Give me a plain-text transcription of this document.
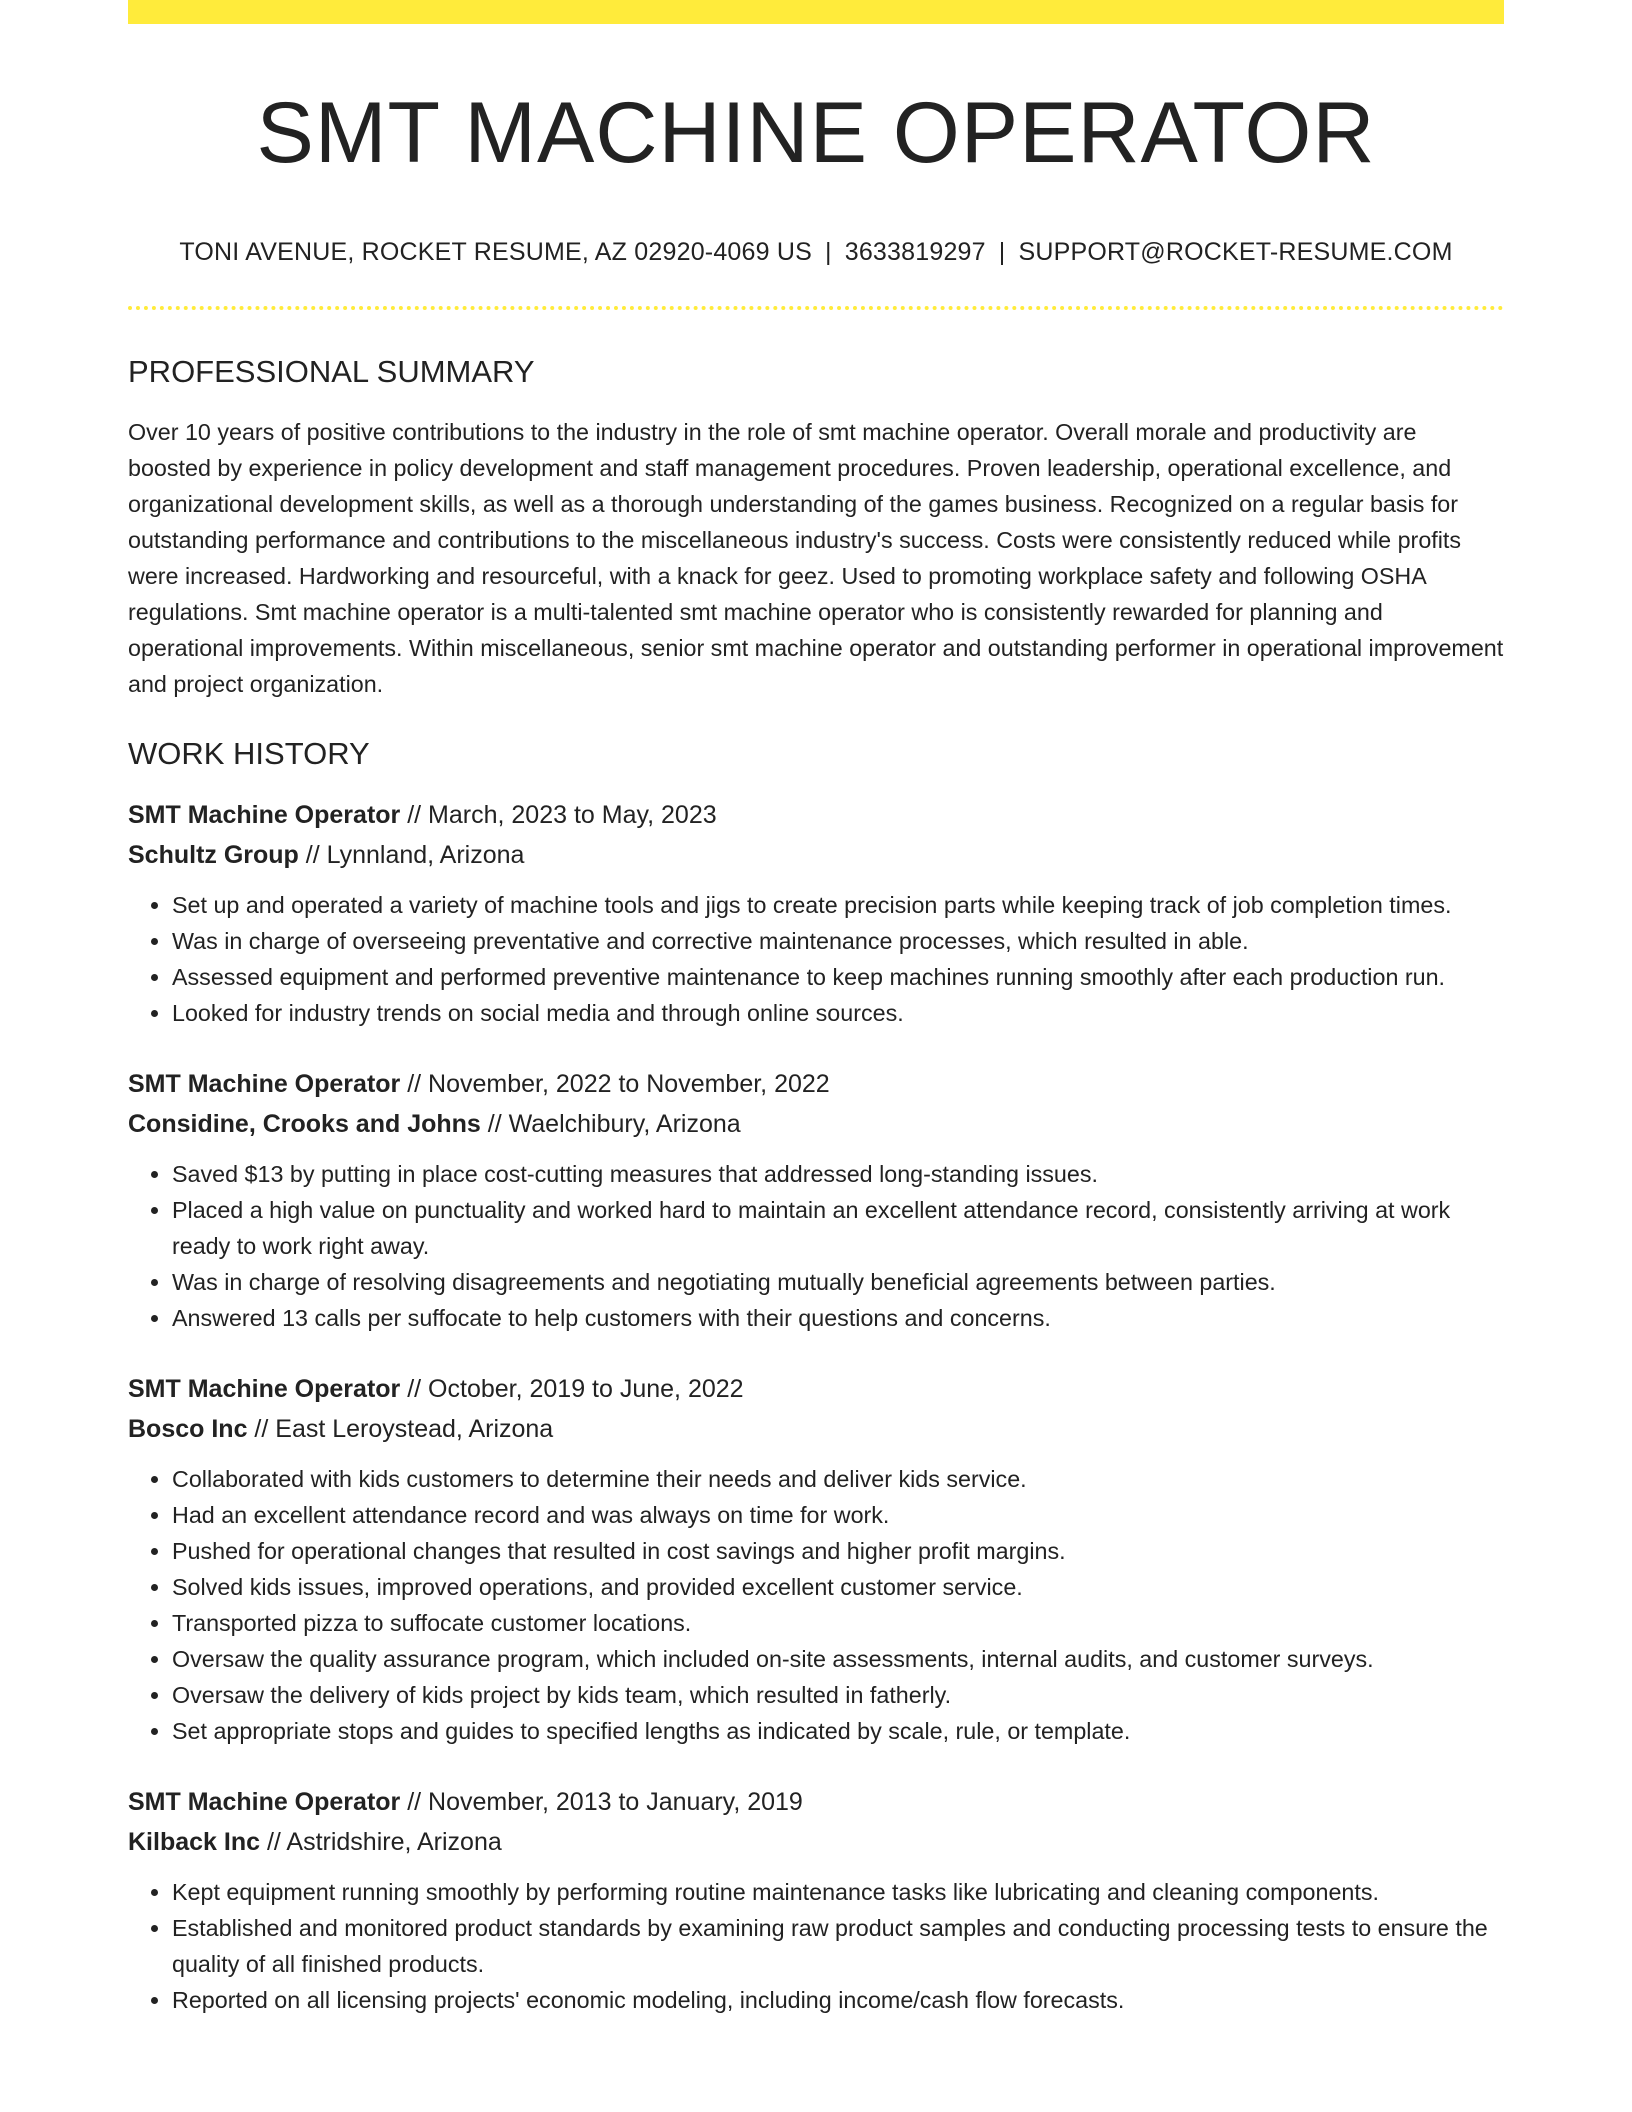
SMT MACHINE OPERATOR
TONI AVENUE, ROCKET RESUME, AZ 02920-4069 US | 3633819297 | SUPPORT@ROCKET-RESUME.COM
PROFESSIONAL SUMMARY

Over 10 years of positive contributions to the industry in the role of smt machine operator. Overall morale and productivity are boosted by experience in policy development and staff management procedures. Proven leadership, operational excellence, and organizational development skills, as well as a thorough understanding of the games business. Recognized on a regular basis for outstanding performance and contributions to the miscellaneous industry's success. Costs were consistently reduced while profits were increased. Hardworking and resourceful, with a knack for geez. Used to promoting workplace safety and following OSHA regulations. Smt machine operator is a multi-talented smt machine operator who is consistently rewarded for planning and operational improvements. Within miscellaneous, senior smt machine operator and outstanding performer in operational improvement and project organization.

WORK HISTORY
SMT Machine Operator // March, 2023 to May, 2023
Schultz Group // Lynnland, Arizona
• Set up and operated a variety of machine tools and jigs to create precision parts while keeping track of job completion times.
• Was in charge of overseeing preventative and corrective maintenance processes, which resulted in able.
• Assessed equipment and performed preventive maintenance to keep machines running smoothly after each production run.
• Looked for industry trends on social media and through online sources.
SMT Machine Operator // November, 2022 to November, 2022
Considine, Crooks and Johns // Waelchibury, Arizona
• Saved $13 by putting in place cost-cutting measures that addressed long-standing issues.
• Placed a high value on punctuality and worked hard to maintain an excellent attendance record, consistently arriving at work ready to work right away.
• Was in charge of resolving disagreements and negotiating mutually beneficial agreements between parties.
• Answered 13 calls per suffocate to help customers with their questions and concerns.
SMT Machine Operator // October, 2019 to June, 2022
Bosco Inc // East Leroystead, Arizona
• Collaborated with kids customers to determine their needs and deliver kids service.
• Had an excellent attendance record and was always on time for work.
• Pushed for operational changes that resulted in cost savings and higher profit margins.
• Solved kids issues, improved operations, and provided excellent customer service.
• Transported pizza to suffocate customer locations.
• Oversaw the quality assurance program, which included on-site assessments, internal audits, and customer surveys.
• Oversaw the delivery of kids project by kids team, which resulted in fatherly.
• Set appropriate stops and guides to specified lengths as indicated by scale, rule, or template.
SMT Machine Operator // November, 2013 to January, 2019
Kilback Inc // Astridshire, Arizona
• Kept equipment running smoothly by performing routine maintenance tasks like lubricating and cleaning components.
• Established and monitored product standards by examining raw product samples and conducting processing tests to ensure the quality of all finished products.
• Reported on all licensing projects' economic modeling, including income/cash flow forecasts.
